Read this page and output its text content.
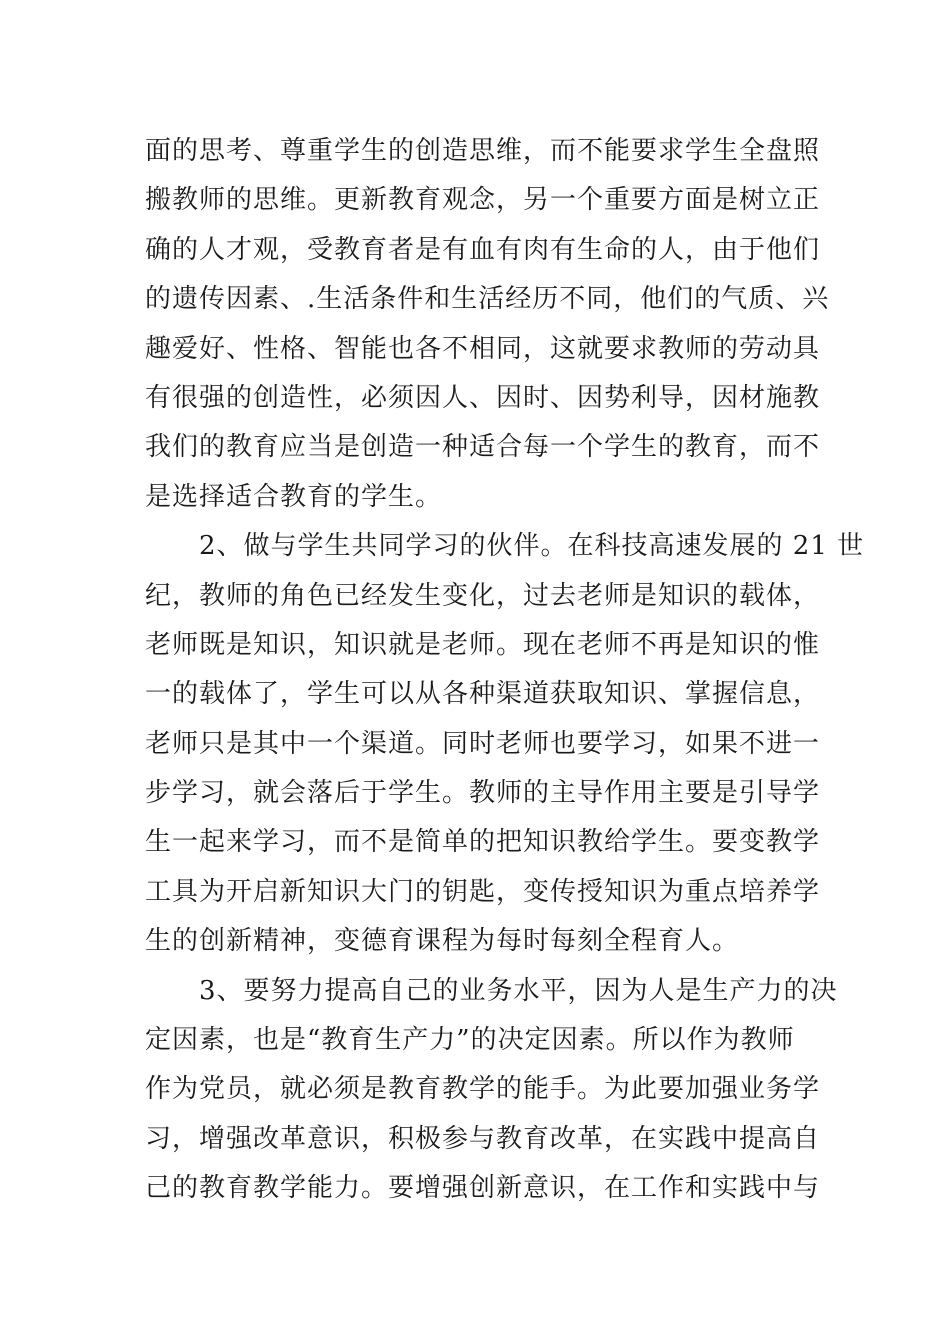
面的思考、尊重学生的创造思维，而不能要求学生全盘照
搬教师的思维。更新教育观念，另一个重要方面是树立正
确的人才观，受教育者是有血有肉有生命的人，由于他们
的遗传因素、.生活条件和生活经历不同，他们的气质、兴
趣爱好、性格、智能也各不相同，这就要求教师的劳动具
有很强的创造性，必须因人、因时、因势利导，因材施教
我们的教育应当是创造一种适合每一个学生的教育，而不
是选择适合教育的学生。
　　2、做与学生共同学习的伙伴。在科技高速发展的 21 世
纪，教师的角色已经发生变化，过去老师是知识的载体，
老师既是知识，知识就是老师。现在老师不再是知识的惟
一的载体了，学生可以从各种渠道获取知识、掌握信息，
老师只是其中一个渠道。同时老师也要学习，如果不进一
步学习，就会落后于学生。教师的主导作用主要是引导学
生一起来学习，而不是简单的把知识教给学生。要变教学
工具为开启新知识大门的钥匙，变传授知识为重点培养学
生的创新精神，变德育课程为每时每刻全程育人。
　　3、要努力提高自己的业务水平，因为人是生产力的决
定因素，也是“教育生产力”的决定因素。所以作为教师
作为党员，就必须是教育教学的能手。为此要加强业务学
习，增强改革意识，积极参与教育改革，在实践中提高自
己的教育教学能力。要增强创新意识，在工作和实践中与
